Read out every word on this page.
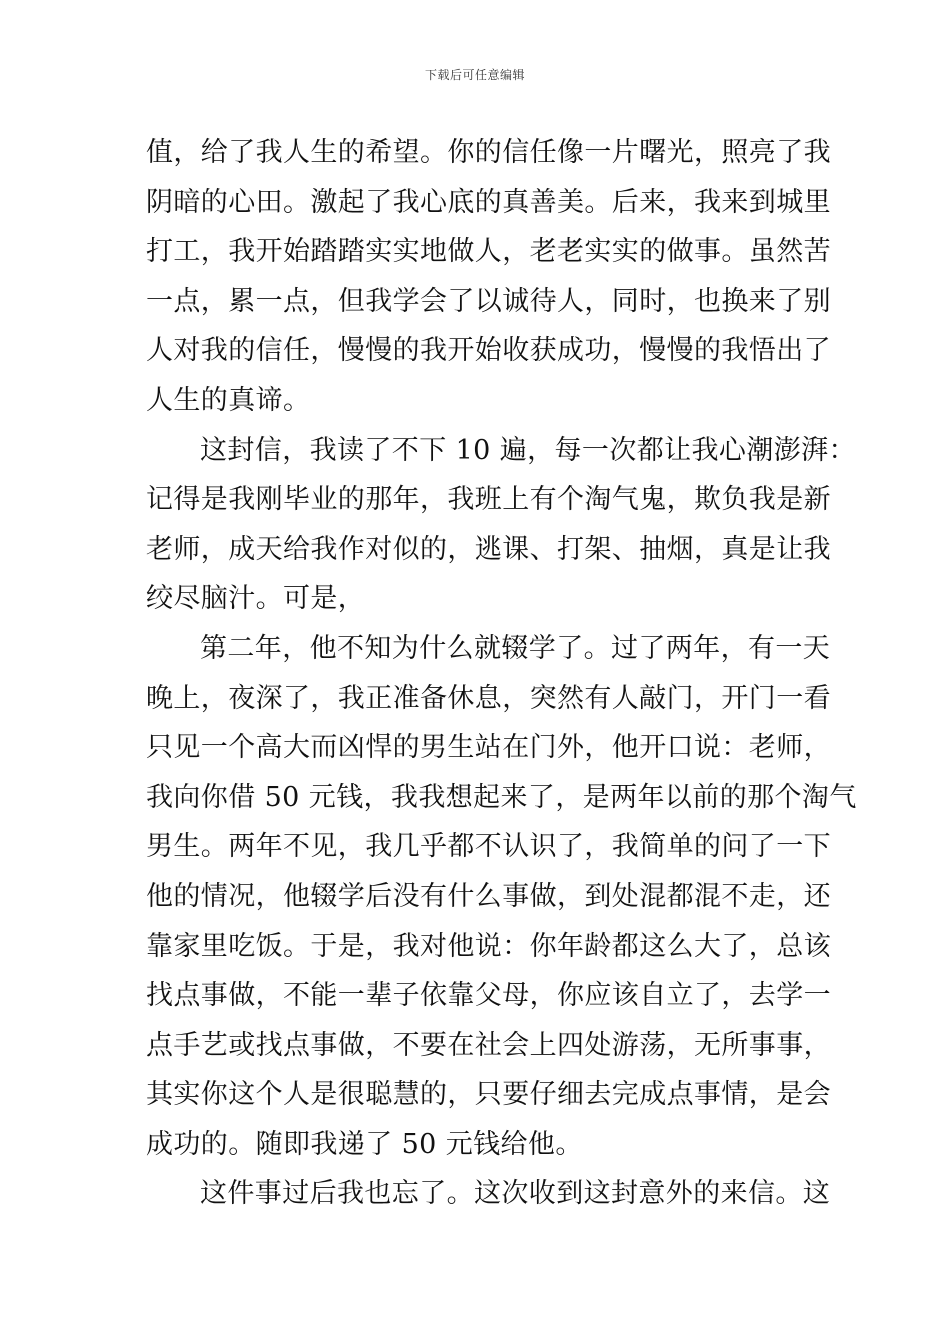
下载后可任意编辑
值，给了我人生的希望。你的信任像一片曙光，照亮了我
阴暗的心田。激起了我心底的真善美。后来，我来到城里
打工，我开始踏踏实实地做人，老老实实的做事。虽然苦
一点，累一点，但我学会了以诚待人，同时，也换来了别
人对我的信任，慢慢的我开始收获成功，慢慢的我悟出了
人生的真谛。
这封信，我读了不下 10 遍，每一次都让我心潮澎湃：
记得是我刚毕业的那年，我班上有个淘气鬼，欺负我是新
老师，成天给我作对似的，逃课、打架、抽烟，真是让我
绞尽脑汁。可是，
第二年，他不知为什么就辍学了。过了两年，有一天
晚上，夜深了，我正准备休息，突然有人敲门，开门一看
只见一个高大而凶悍的男生站在门外，他开口说：老师，
我向你借 50 元钱，我我想起来了，是两年以前的那个淘气
男生。两年不见，我几乎都不认识了，我简单的问了一下
他的情况，他辍学后没有什么事做，到处混都混不走，还
靠家里吃饭。于是，我对他说：你年龄都这么大了，总该
找点事做，不能一辈子依靠父母，你应该自立了，去学一
点手艺或找点事做，不要在社会上四处游荡，无所事事，
其实你这个人是很聪慧的，只要仔细去完成点事情，是会
成功的。随即我递了 50 元钱给他。
这件事过后我也忘了。这次收到这封意外的来信。这
